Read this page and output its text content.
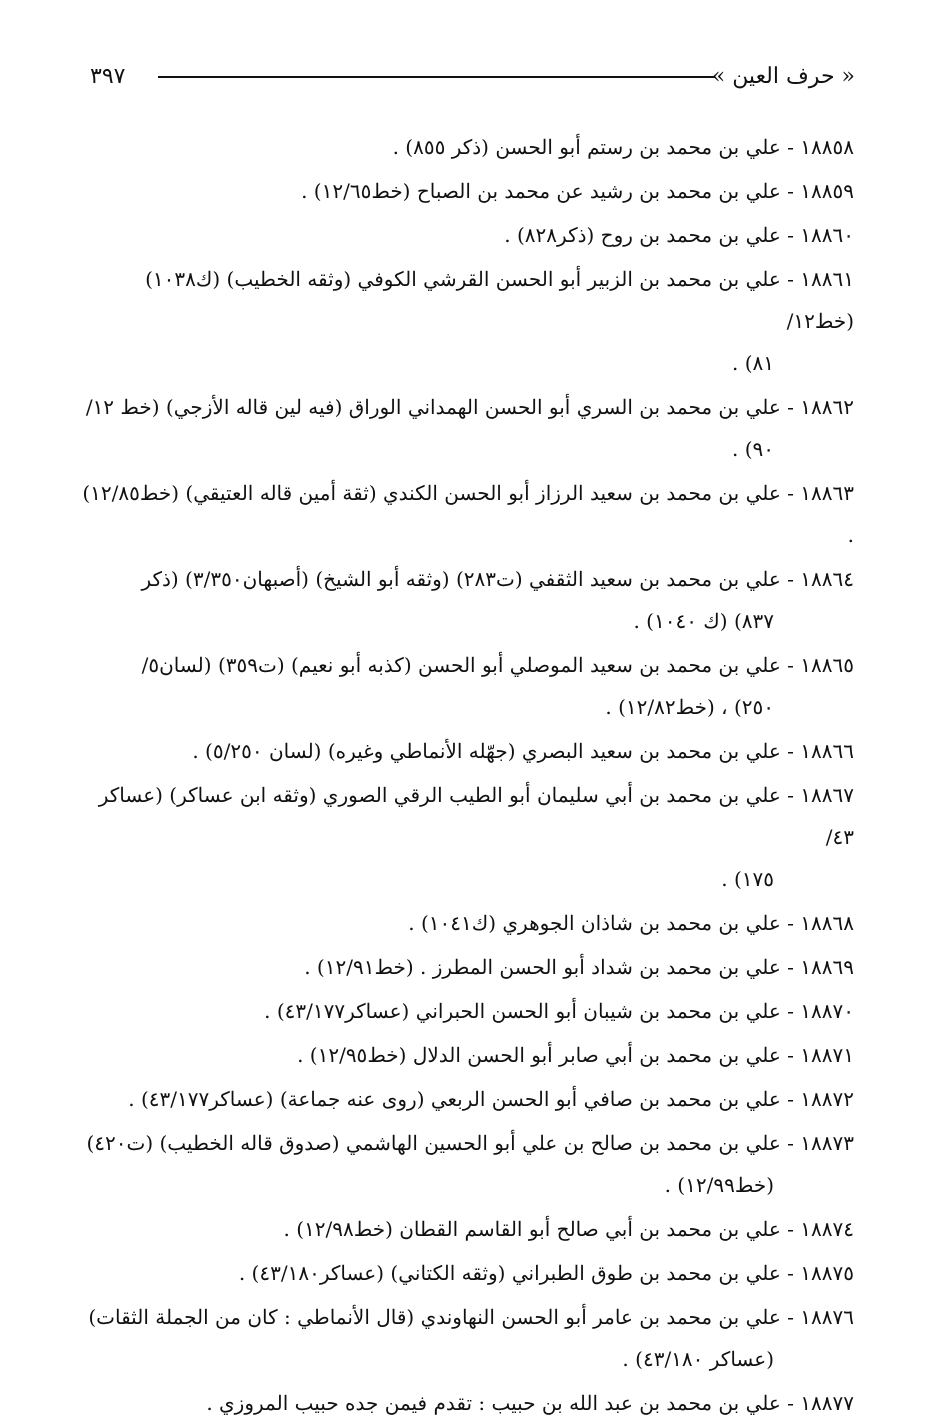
« حرف العين »
٣٩٧

١٨٨٥٨ - علي بن محمد بن رستم أبو الحسن (ذكر ٨٥٥) .

١٨٨٥٩ - علي بن محمد بن رشيد عن محمد بن الصباح (خط١٢/٦٥) .

١٨٨٦٠ - علي بن محمد بن روح (ذكر٨٢٨) .

١٨٨٦١ - علي بن محمد بن الزبير أبو الحسن القرشي الكوفي (وثقه الخطيب) (ك١٠٣٨) (خط١٢/
٨١) .

١٨٨٦٢ - علي بن محمد بن السري أبو الحسن الهمداني الوراق (فيه لين قاله الأزجي) (خط ١٢/
٩٠) .

١٨٨٦٣ - علي بن محمد بن سعيد الرزاز أبو الحسن الكندي (ثقة أمين قاله العتيقي) (خط١٢/٨٥) .

١٨٨٦٤ - علي بن محمد بن سعيد الثقفي (ت٢٨٣) (وثقه أبو الشيخ) (أصبهان٣/٣٥٠) (ذكر
٨٣٧) (ك ١٠٤٠) .

١٨٨٦٥ - علي بن محمد بن سعيد الموصلي أبو الحسن (كذبه أبو نعيم) (ت٣٥٩) (لسان٥/
٢٥٠) ، (خط١٢/٨٢) .

١٨٨٦٦ - علي بن محمد بن سعيد البصري (جهّله الأنماطي وغيره) (لسان ٥/٢٥٠) .

١٨٨٦٧ - علي بن محمد بن أبي سليمان أبو الطيب الرقي الصوري (وثقه ابن عساكر) (عساكر ٤٣/
١٧٥) .

١٨٨٦٨ - علي بن محمد بن شاذان الجوهري (ك١٠٤١) .

١٨٨٦٩ - علي بن محمد بن شداد أبو الحسن المطرز . (خط١٢/٩١) .

١٨٨٧٠ - علي بن محمد بن شيبان أبو الحسن الحبراني (عساكر٤٣/١٧٧) .

١٨٨٧١ - علي بن محمد بن أبي صابر أبو الحسن الدلال (خط١٢/٩٥) .

١٨٨٧٢ - علي بن محمد بن صافي أبو الحسن الربعي (روى عنه جماعة) (عساكر٤٣/١٧٧) .

١٨٨٧٣ - علي بن محمد بن صالح بن علي أبو الحسين الهاشمي (صدوق قاله الخطيب) (ت٤٢٠)
(خط١٢/٩٩) .

١٨٨٧٤ - علي بن محمد بن أبي صالح أبو القاسم القطان (خط١٢/٩٨) .

١٨٨٧٥ - علي بن محمد بن طوق الطبراني (وثقه الكتاني) (عساكر٤٣/١٨٠) .

١٨٨٧٦ - علي بن محمد بن عامر أبو الحسن النهاوندي (قال الأنماطي : كان من الجملة الثقات)
(عساكر ٤٣/١٨٠) .

١٨٨٧٧ - علي بن محمد بن عبد الله بن حبيب : تقدم فيمن جده حبيب المروزي .
